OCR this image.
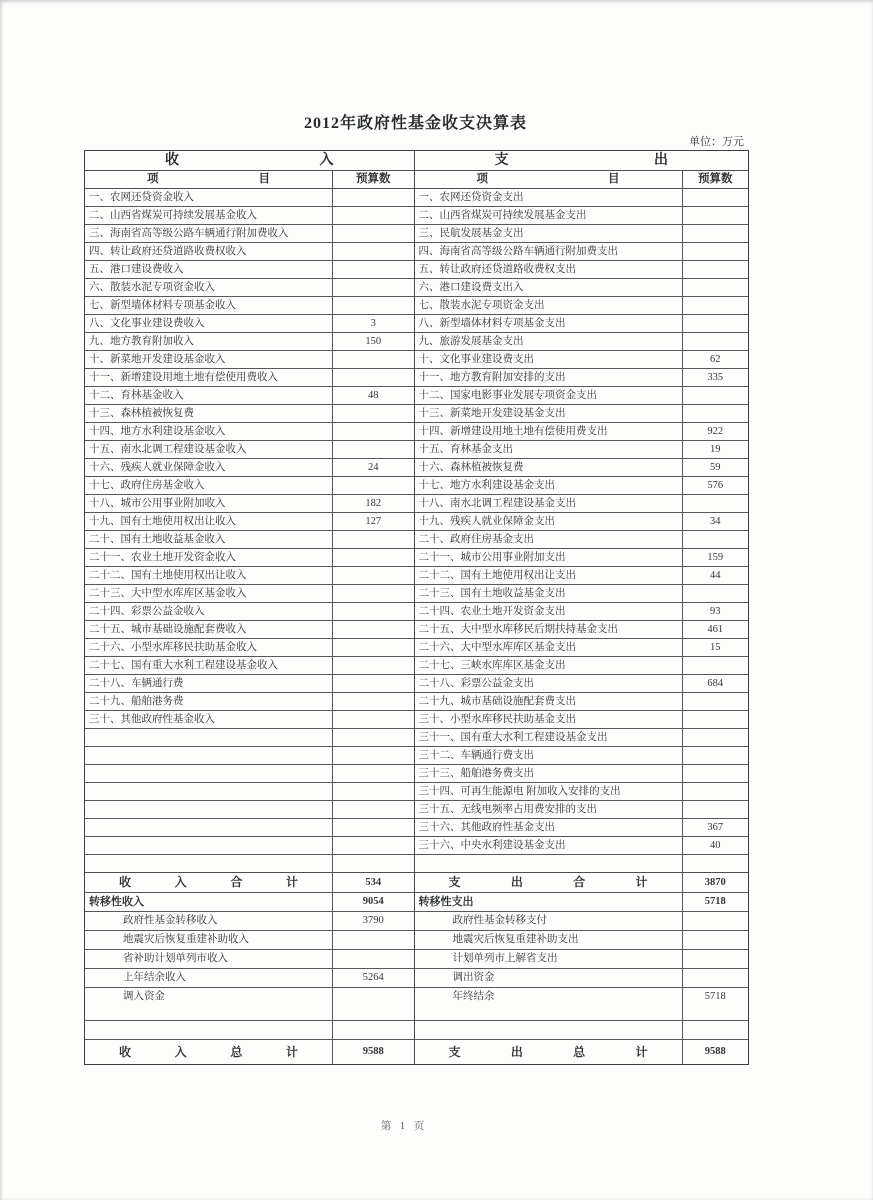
2012年政府性基金收支决算表
单位：万元
收入
项目	预算数
一、农网还贷资金收入
二、山西省煤炭可持续发展基金收入
三、海南省高等级公路车辆通行附加费收入
四、转让政府还贷道路收费权收入
五、港口建设费收入
六、散装水泥专项资金收入
七、新型墙体材料专项基金收入
八、文化事业建设费收入	3
九、地方教育附加收入	150
十、新菜地开发建设基金收入
十一、新增建设用地土地有偿使用费收入
十二、育林基金收入	48
十三、森林植被恢复费
十四、地方水利建设基金收入
十五、南水北调工程建设基金收入
十六、残疾人就业保障金收入	24
十七、政府住房基金收入
十八、城市公用事业附加收入	182
十九、国有土地使用权出让收入	127
二十、国有土地收益基金收入
二十一、农业土地开发资金收入
二十二、国有土地使用权出让收入
二十三、大中型水库库区基金收入
二十四、彩票公益金收入
二十五、城市基础设施配套费收入
二十六、小型水库移民扶助基金收入
二十七、国有重大水利工程建设基金收入
二十八、车辆通行费
二十九、船舶港务费
三十、其他政府性基金收入
收入合计	534
转移性收入	9054
政府性基金转移收入	3790
地震灾后恢复重建补助收入
省补助计划单列市收入
上年结余收入	5264
调入资金
收入总计	9588
支出
项目	预算数
一、农网还贷资金支出
二、山西省煤炭可持续发展基金支出
三、民航发展基金支出
四、海南省高等级公路车辆通行附加费支出
五、转让政府还贷道路收费权支出
六、港口建设费支出入
七、散装水泥专项资金支出
八、新型墙体材料专项基金支出
九、旅游发展基金支出
十、文化事业建设费支出	62
十一、地方教育附加安排的支出	335
十二、国家电影事业发展专项资金支出
十三、新菜地开发建设基金支出
十四、新增建设用地土地有偿使用费支出	922
十五、育林基金支出	19
十六、森林植被恢复费	59
十七、地方水利建设基金支出	576
十八、南水北调工程建设基金支出
十九、残疾人就业保障金支出	34
二十、政府住房基金支出
二十一、城市公用事业附加支出	159
二十二、国有土地使用权出让支出	44
二十三、国有土地收益基金支出
二十四、农业土地开发资金支出	93
二十五、大中型水库移民后期扶持基金支出	461
二十六、大中型水库库区基金支出	15
二十七、三峡水库库区基金支出
二十八、彩票公益金支出	684
二十九、城市基础设施配套费支出
三十、小型水库移民扶助基金支出
三十一、国有重大水利工程建设基金支出
三十二、车辆通行费支出
三十三、船舶港务费支出
三十四、可再生能源电 附加收入安排的支出
三十五、无线电频率占用费安排的支出
三十六、其他政府性基金支出	367
三十六、中央水利建设基金支出	40
支出合计	3870
转移性支出	5718
政府性基金转移支付
地震灾后恢复重建补助支出
计划单列市上解省支出
调出资金
年终结余	5718
支出总计	9588
第 1 页
